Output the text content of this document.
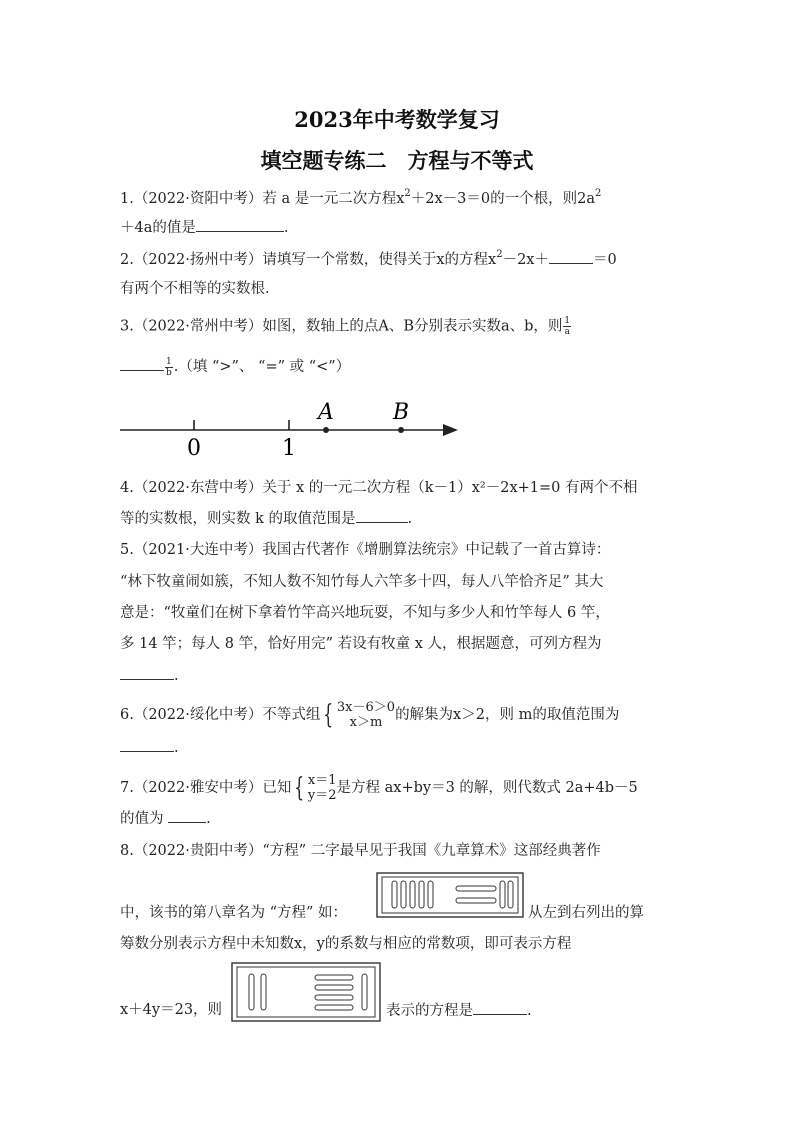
2023年中考数学复习
填空题专练二　方程与不等式
1.（2022·资阳中考）若 a 是一元二次方程$x^2+2x-3=0$的一个根，则$2a^2$
＋4a的值是	.
2.（2022·扬州中考）请填写一个常数，使得关于x的方程$x^2-2x+$	＝0
有两个不相等的实数根.
3.（2022·常州中考）如图，数轴上的点A、B分别表示实数a、b，则 $\frac{1}{a}$
$\frac{1}{b}$ .（填 “>”、 “=” 或 “<”）
0	1
A	B
4.（2022·东营中考）关于 x 的一元二次方程（k－1）x²－2x+1=0 有两个不相
等的实数根，则实数 k 的取值范围是	.
5.（2021·大连中考）我国古代著作《增删算法统宗》中记载了一首古算诗：
“林下牧童闹如簇，不知人数不知竹每人六竿多十四，每人八竿恰齐足” 其大
意是：“牧童们在树下拿着竹竿高兴地玩耍，不知与多少人和竹竿每人 6 竿，
多 14 竿；每人 8 竿，恰好用完” 若设有牧童 x 人，根据题意，可列方程为
.
6.（2022·绥化中考）不等式组 { 3x－6＞0
x＞m 的解集为x＞2，则 m的取值范围为
.
7.（2022·雅安中考）已知 { x＝1
y＝2 是方程 ax+by＝3 的解，则代数式 2a+4b－5
的值为	.
8.（2022·贵阳中考）“方程” 二字最早见于我国《九章算术》这部经典著作
中，该书的第八章名为 “方程” 如：	从左到右列出的算
筹数分别表示方程中未知数x，y的系数与相应的常数项，即可表示方程
x＋4y＝23，则	表示的方程是	.
